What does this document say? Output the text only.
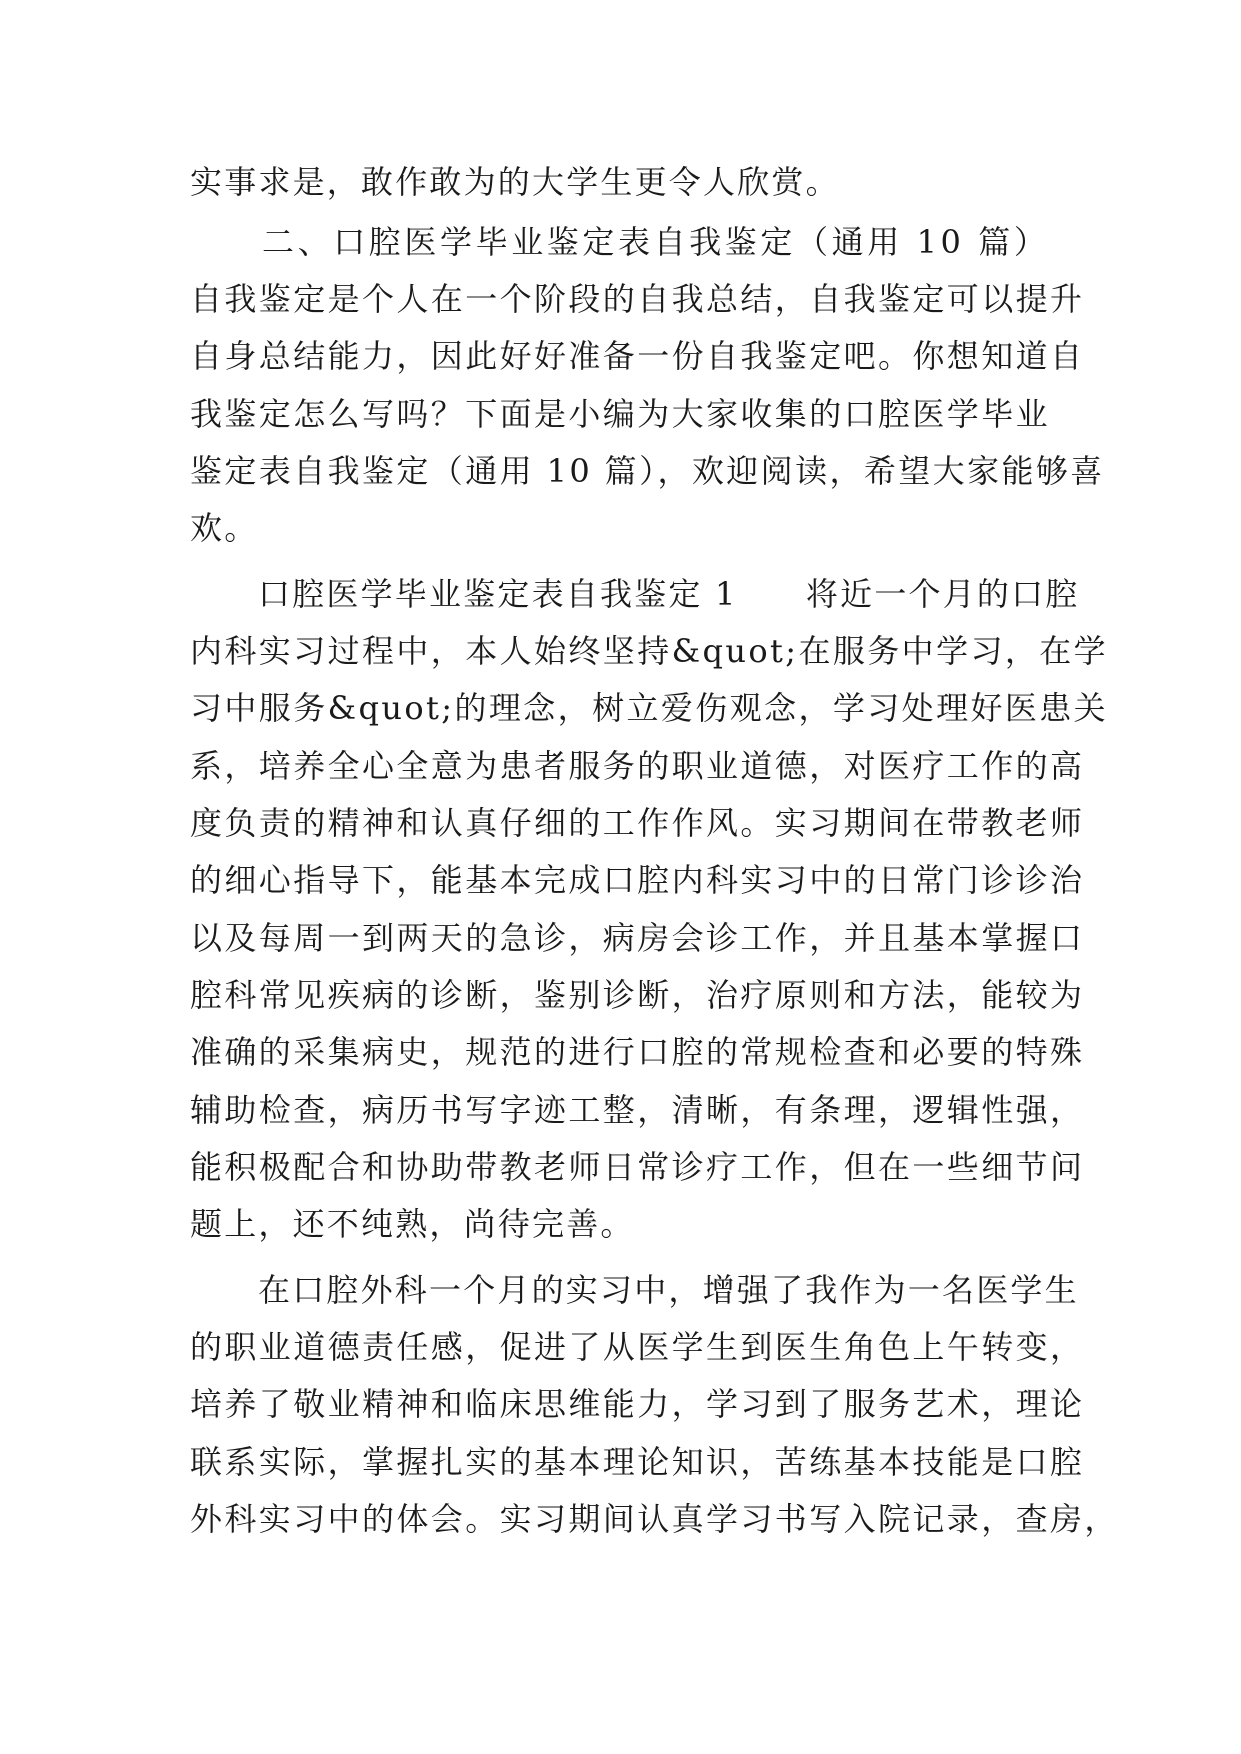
实事求是，敢作敢为的大学生更令人欣赏。
二、口腔医学毕业鉴定表自我鉴定（通用 10 篇）
自我鉴定是个人在一个阶段的自我总结，自我鉴定可以提升
自身总结能力，因此好好准备一份自我鉴定吧。你想知道自
我鉴定怎么写吗？下面是小编为大家收集的口腔医学毕业
鉴定表自我鉴定（通用 10 篇），欢迎阅读，希望大家能够喜
欢。
口腔医学毕业鉴定表自我鉴定 1　　将近一个月的口腔
内科实习过程中，本人始终坚持&quot;在服务中学习，在学
习中服务&quot;的理念，树立爱伤观念，学习处理好医患关
系，培养全心全意为患者服务的职业道德，对医疗工作的高
度负责的精神和认真仔细的工作作风。实习期间在带教老师
的细心指导下，能基本完成口腔内科实习中的日常门诊诊治
以及每周一到两天的急诊，病房会诊工作，并且基本掌握口
腔科常见疾病的诊断，鉴别诊断，治疗原则和方法，能较为
准确的采集病史，规范的进行口腔的常规检查和必要的特殊
辅助检查，病历书写字迹工整，清晰，有条理，逻辑性强，
能积极配合和协助带教老师日常诊疗工作，但在一些细节问
题上，还不纯熟，尚待完善。
在口腔外科一个月的实习中，增强了我作为一名医学生
的职业道德责任感，促进了从医学生到医生角色上午转变，
培养了敬业精神和临床思维能力，学习到了服务艺术，理论
联系实际，掌握扎实的基本理论知识，苦练基本技能是口腔
外科实习中的体会。实习期间认真学习书写入院记录，查房，
